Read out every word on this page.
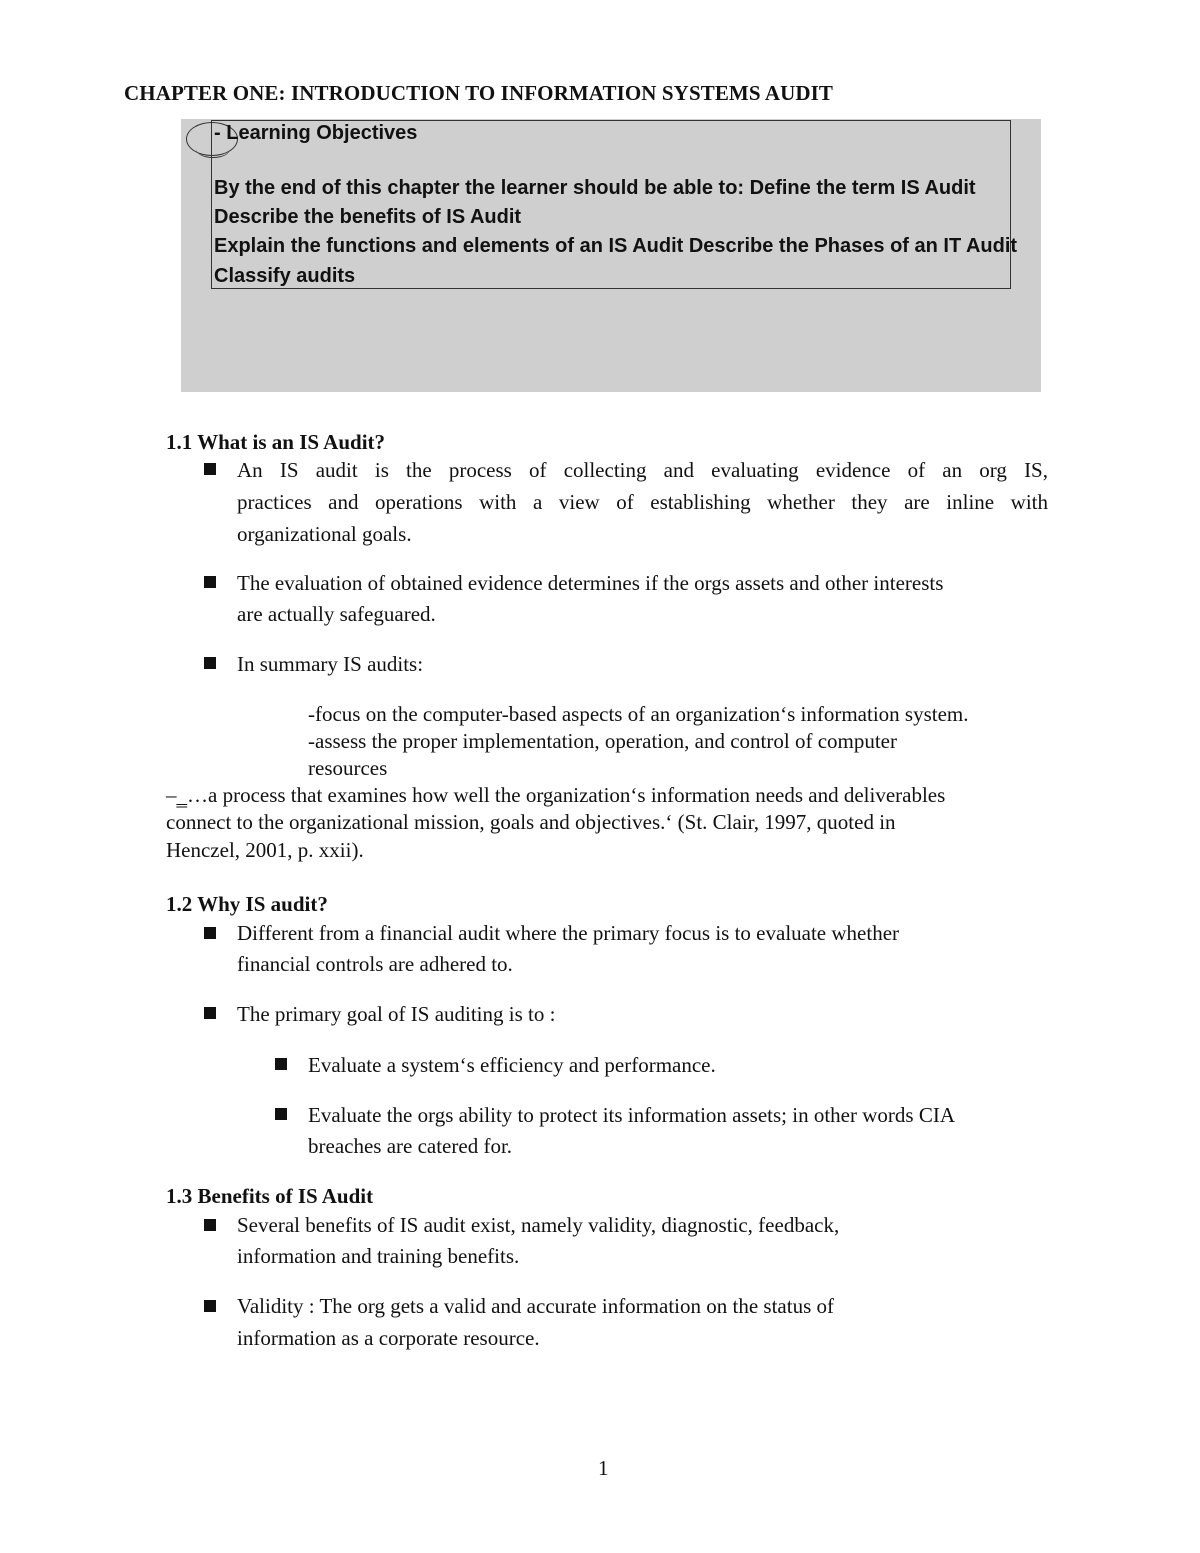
CHAPTER ONE: INTRODUCTION TO INFORMATION SYSTEMS AUDIT
- Learning Objectives
By the end of this chapter the learner should be able to: Define the term IS Audit
Describe the benefits of IS Audit
Explain the functions and elements of an IS Audit Describe the Phases of an IT Audit
Classify audits
1.1 What is an IS Audit?
An IS audit is the process of collecting and evaluating evidence of an org IS,
practices and operations with a view of establishing whether they are inline with
organizational goals.
The evaluation of obtained evidence determines if the orgs assets and other interests
are actually safeguared.
In summary IS audits:
-focus on the computer-based aspects of an organization‘s information system.
-assess the proper implementation, operation, and control of computer
resources
–‗…a process that examines how well the organization‘s information needs and deliverables
connect to the organizational mission, goals and objectives.‘ (St. Clair, 1997, quoted in
Henczel, 2001, p. xxii).
1.2 Why IS audit?
Different from a financial audit where the primary focus is to evaluate whether
financial controls are adhered to.
The primary goal of IS auditing is to :
Evaluate a system‘s efficiency and performance.
Evaluate the orgs ability to protect its information assets; in other words CIA
breaches are catered for.
1.3 Benefits of IS Audit
Several benefits of IS audit exist, namely validity, diagnostic, feedback,
information and training benefits.
Validity : The org gets a valid and accurate information on the status of
information as a corporate resource.
1
